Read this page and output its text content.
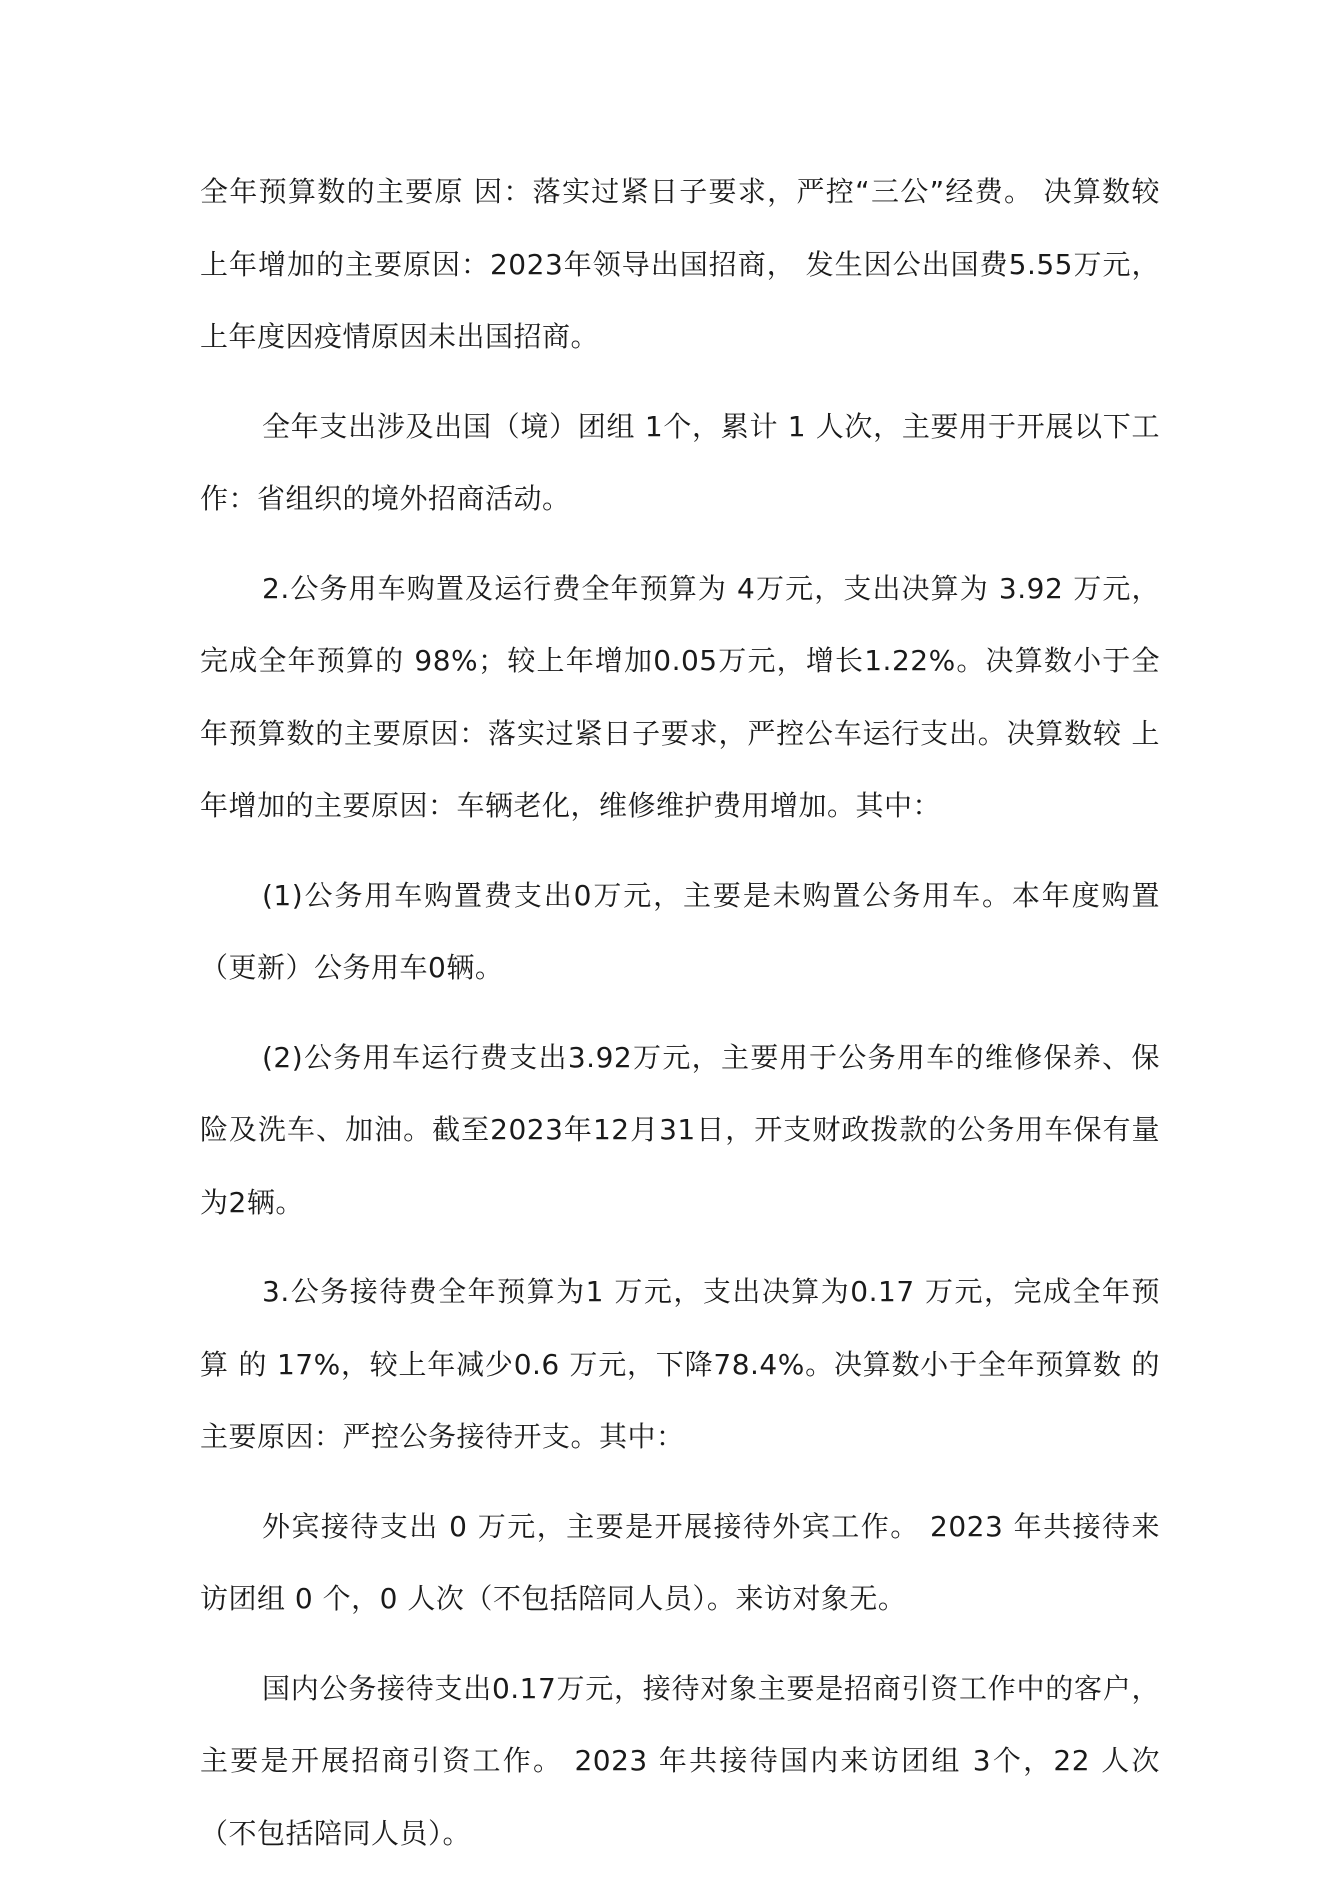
全年预算数的主要原 因：落实过紧日子要求，严控“三公”经费。 决算数较上年增加的主要原因：2023年领导出国招商， 发生因公出国费5.55万元，上年度因疫情原因未出国招商。

全年支出涉及出国（境）团组 1个，累计 1 人次，主要用于开展以下工作：省组织的境外招商活动。

2.公务用车购置及运行费全年预算为 4万元，支出决算为 3.92 万元，完成全年预算的 98%；较上年增加0.05万元，增长1.22%。决算数小于全年预算数的主要原因：落实过紧日子要求，严控公车运行支出。决算数较 上年增加的主要原因：车辆老化，维修维护费用增加。其中：

(1)公务用车购置费支出0万元，主要是未购置公务用车。本年度购置（更新）公务用车0辆。

(2)公务用车运行费支出3.92万元，主要用于公务用车的维修保养、保险及洗车、加油。截至2023年12月31日，开支财政拨款的公务用车保有量为2辆。

3.公务接待费全年预算为1 万元，支出决算为0.17 万元，完成全年预算 的 17%，较上年减少0.6 万元，下降78.4%。决算数小于全年预算数 的主要原因：严控公务接待开支。其中：

外宾接待支出 0 万元，主要是开展接待外宾工作。 2023 年共接待来访团组 0 个，0 人次（不包括陪同人员）。来访对象无。

国内公务接待支出0.17万元，接待对象主要是招商引资工作中的客户，主要是开展招商引资工作。 2023 年共接待国内来访团组 3个，22 人次（不包括陪同人员）。
